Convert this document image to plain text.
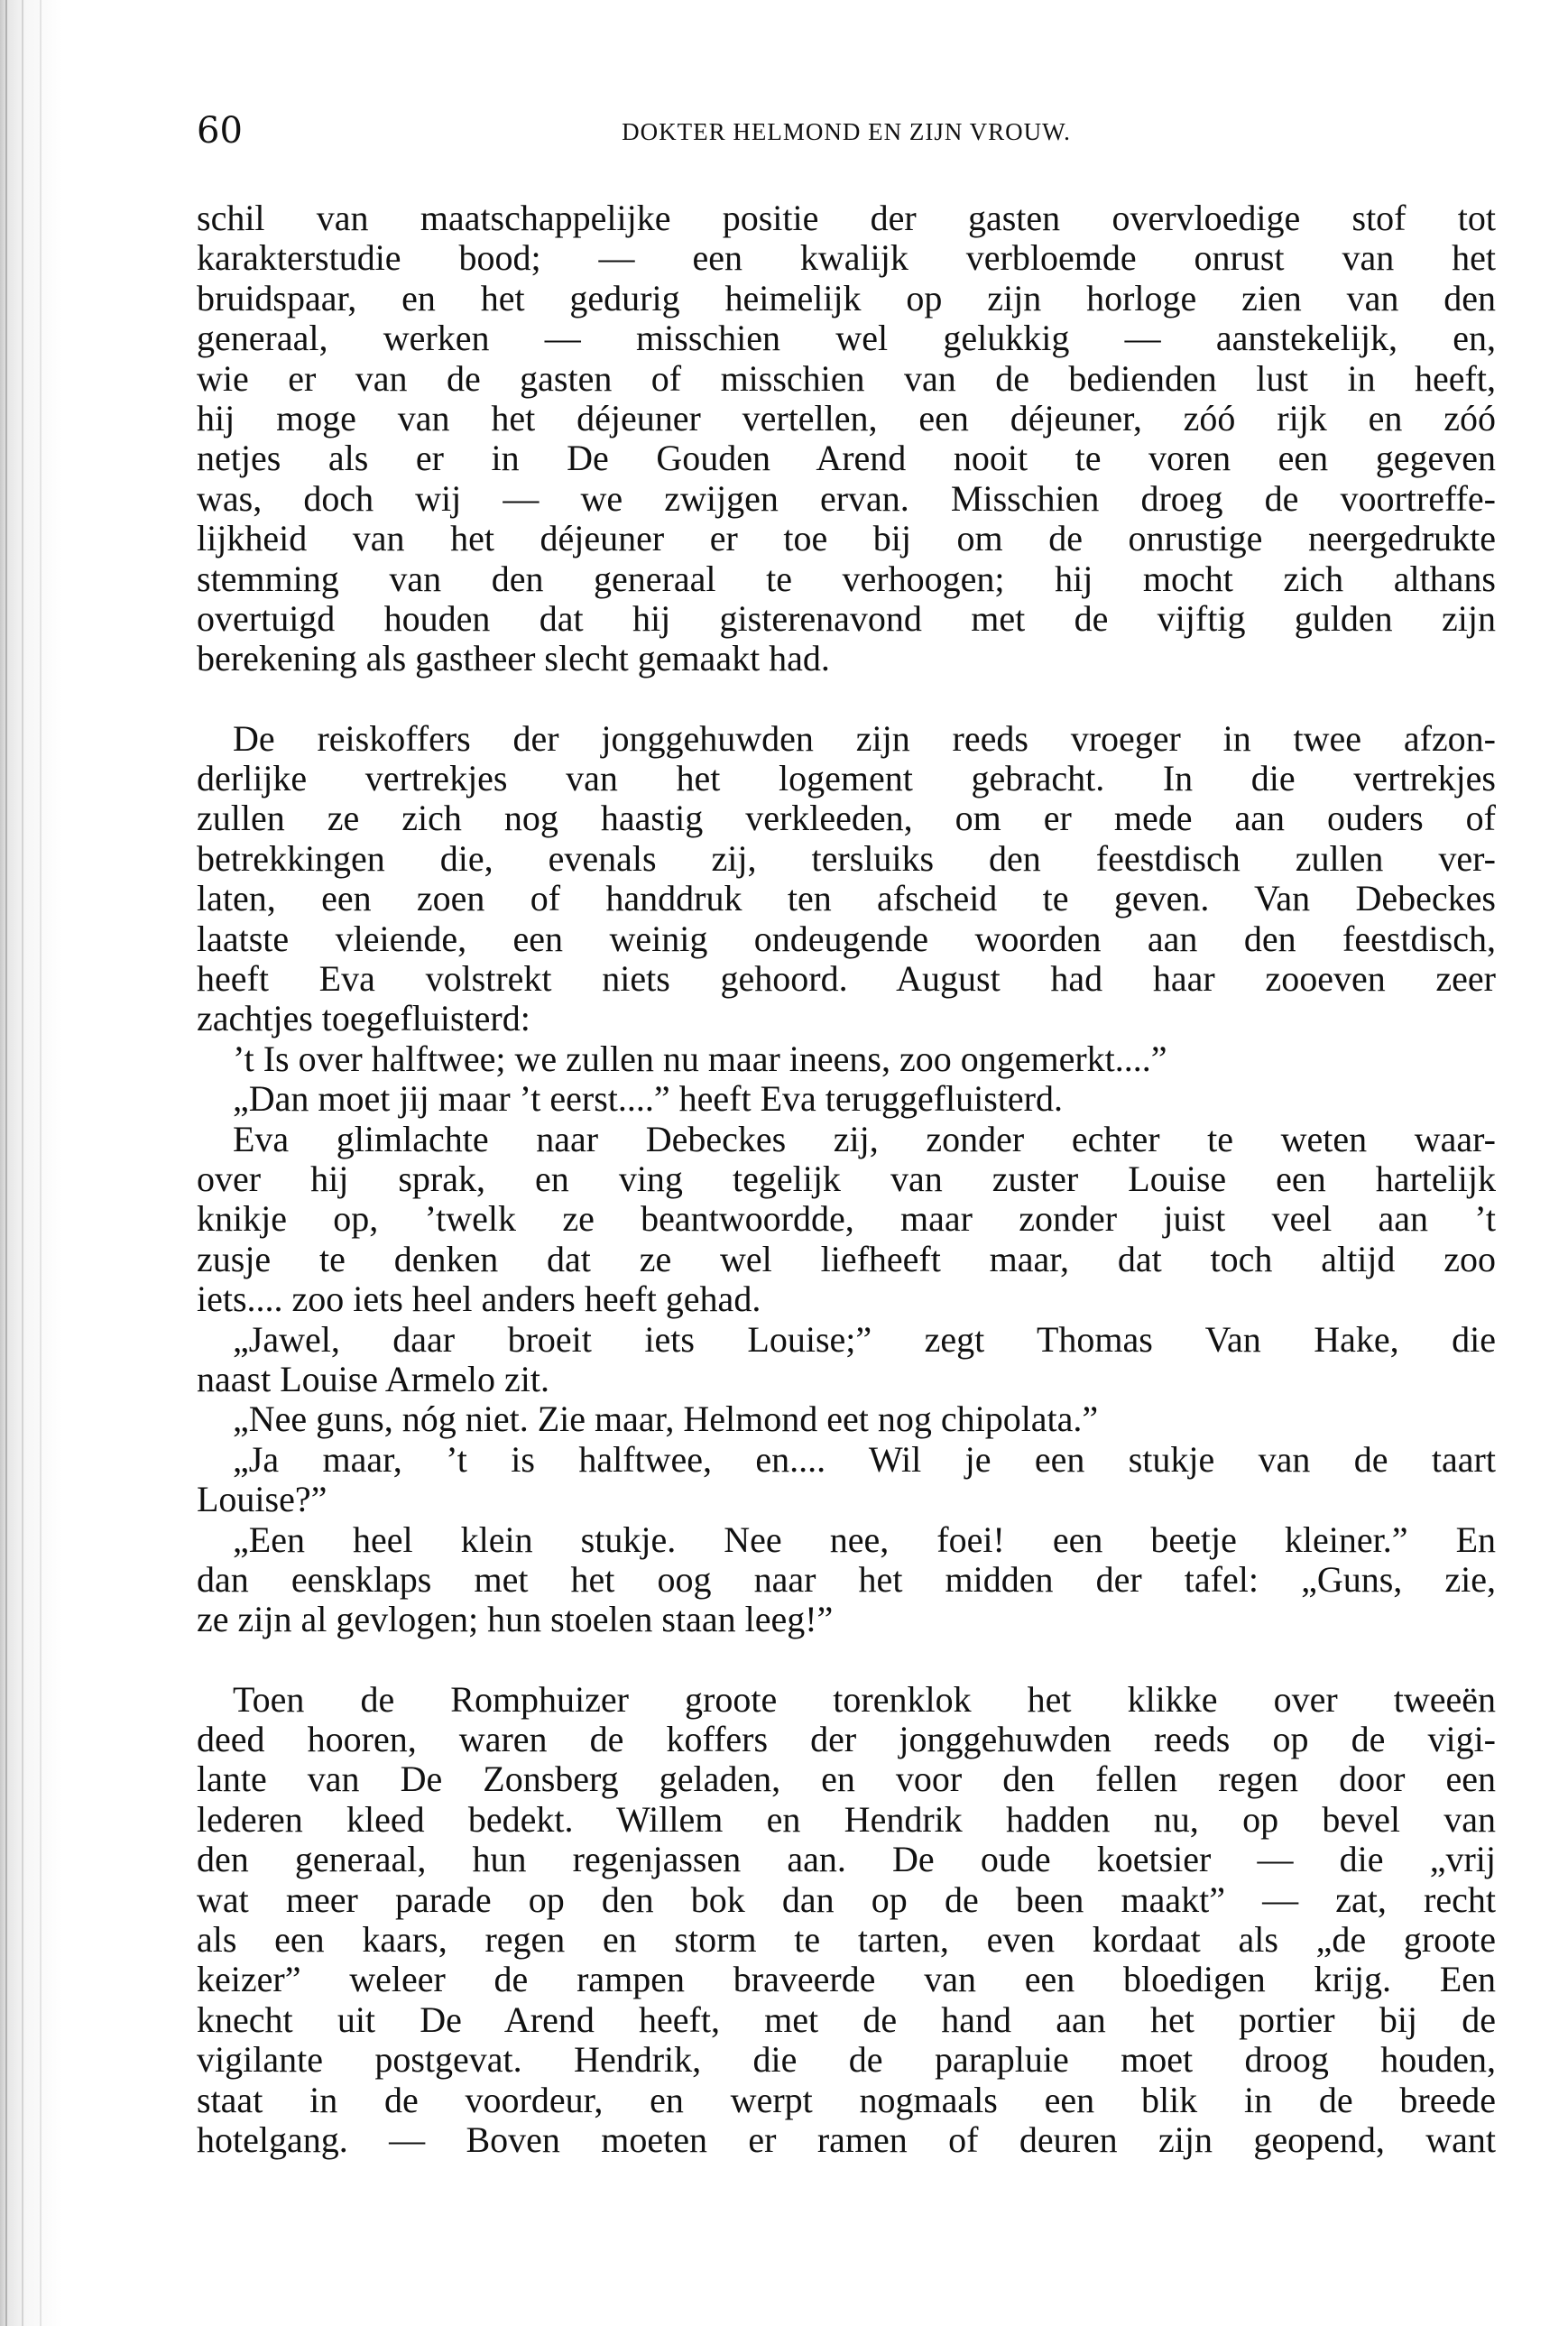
60	DOKTER HELMOND EN ZIJN VROUW.
schil van maatschappelijke positie der gasten overvloedige stof tot
karakterstudie bood; — een kwalijk verbloemde onrust van het
bruidspaar, en het gedurig heimelijk op zijn horloge zien van den
generaal, werken — misschien wel gelukkig — aanstekelijk, en,
wie er van de gasten of misschien van de bedienden lust in heeft,
hij moge van het déjeuner vertellen, een déjeuner, zóó rijk en zóó
netjes als er in De Gouden Arend nooit te voren een gegeven
was, doch wij — we zwijgen ervan. Misschien droeg de voortreffe-
lijkheid van het déjeuner er toe bij om de onrustige neergedrukte
stemming van den generaal te verhoogen; hij mocht zich althans
overtuigd houden dat hij gisterenavond met de vijftig gulden zijn
berekening als gastheer slecht gemaakt had.
De reiskoffers der jonggehuwden zijn reeds vroeger in twee afzon-
derlijke vertrekjes van het logement gebracht. In die vertrekjes
zullen ze zich nog haastig verkleeden, om er mede aan ouders of
betrekkingen die, evenals zij, tersluiks den feestdisch zullen ver-
laten, een zoen of handdruk ten afscheid te geven. Van Debeckes
laatste vleiende, een weinig ondeugende woorden aan den feestdisch,
heeft Eva volstrekt niets gehoord. August had haar zooeven zeer
zachtjes toegefluisterd:
’t Is over halftwee; we zullen nu maar ineens, zoo ongemerkt....”
„Dan moet jij maar ’t eerst....” heeft Eva teruggefluisterd.
Eva glimlachte naar Debeckes zij, zonder echter te weten waar-
over hij sprak, en ving tegelijk van zuster Louise een hartelijk
knikje op, ’twelk ze beantwoordde, maar zonder juist veel aan ’t
zusje te denken dat ze wel liefheeft maar, dat toch altijd zoo
iets.... zoo iets heel anders heeft gehad.
„Jawel, daar broeit iets Louise;” zegt Thomas Van Hake, die
naast Louise Armelo zit.
„Nee guns, nóg niet. Zie maar, Helmond eet nog chipolata.”
„Ja maar, ’t is halftwee, en.... Wil je een stukje van de taart
Louise?”
„Een heel klein stukje. Nee nee, foei! een beetje kleiner.” En
dan eensklaps met het oog naar het midden der tafel: „Guns, zie,
ze zijn al gevlogen; hun stoelen staan leeg!”
Toen de Romphuizer groote torenklok het klikke over tweeën
deed hooren, waren de koffers der jonggehuwden reeds op de vigi-
lante van De Zonsberg geladen, en voor den fellen regen door een
lederen kleed bedekt. Willem en Hendrik hadden nu, op bevel van
den generaal, hun regenjassen aan. De oude koetsier — die „vrij
wat meer parade op den bok dan op de been maakt” — zat, recht
als een kaars, regen en storm te tarten, even kordaat als „de groote
keizer” weleer de rampen braveerde van een bloedigen krijg. Een
knecht uit De Arend heeft, met de hand aan het portier bij de
vigilante postgevat. Hendrik, die de parapluie moet droog houden,
staat in de voordeur, en werpt nogmaals een blik in de breede
hotelgang. — Boven moeten er ramen of deuren zijn geopend, want
